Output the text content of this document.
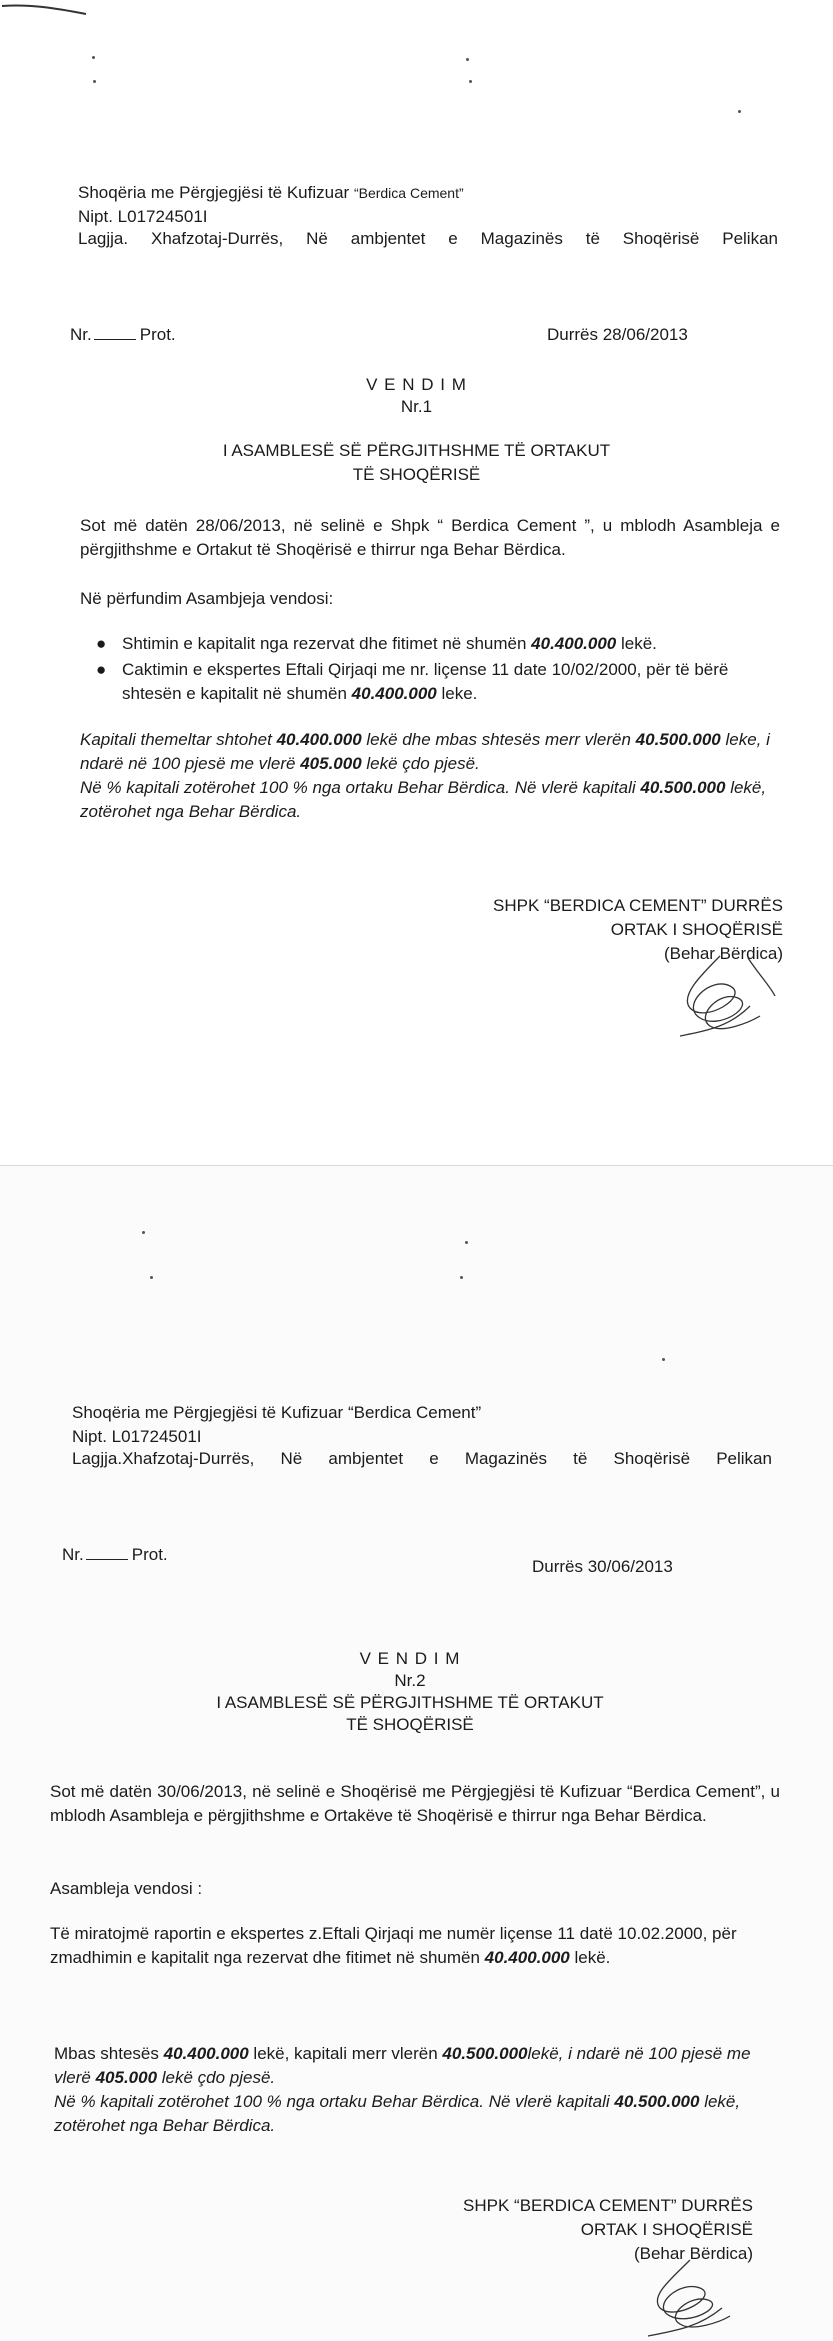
Shoqëria me Përgjegjësi të Kufizuar “Berdica Cement”
Nipt. L01724501I
Lagjja. Xhafzotaj-Durrës, Në ambjentet e Magazinës të Shoqërisë Pelikan
Nr.	Prot.	Durrës 28/06/2013
V E N D I M
Nr.1
I ASAMBLESË SË PËRGJITHSHME TË ORTAKUT
TË SHOQËRISË
Sot më datën 28/06/2013, në selinë e Shpk “ Berdica Cement ”, u mblodh Asambleja e përgjithshme e Ortakut të Shoqërisë e thirrur nga Behar Bërdica.
Në përfundim Asambjeja vendosi:
● Shtimin e kapitalit nga rezervat dhe fitimet në shumën 40.400.000 lekë.
● Caktimin e ekspertes Eftali Qirjaqi me nr. liçense 11 date 10/02/2000, për të bërë shtesën e kapitalit në shumën 40.400.000 leke.
Kapitali themeltar shtohet 40.400.000 lekë dhe mbas shtesës merr vlerën 40.500.000 leke, i ndarë në 100 pjesë me vlerë 405.000 lekë çdo pjesë.
Në % kapitali zotërohet 100 % nga ortaku Behar Bërdica. Në vlerë kapitali 40.500.000 lekë, zotërohet nga Behar Bërdica.
SHPK “BERDICA CEMENT” DURRËS
ORTAK I SHOQËRISË
(Behar Bërdica)
Shoqëria me Përgjegjësi të Kufizuar “Berdica Cement”
Nipt. L01724501I
Lagjja.Xhafzotaj-Durrës, Në ambjentet e Magazinës të Shoqërisë Pelikan
Nr.	Prot.
Durrës 30/06/2013
V E N D I M
Nr.2
I ASAMBLESË SË PËRGJITHSHME TË ORTAKUT
TË SHOQËRISË
Sot më datën 30/06/2013, në selinë e Shoqërisë me Përgjegjësi të Kufizuar “Berdica Cement”, u mblodh Asambleja e përgjithshme e Ortakëve të Shoqërisë e thirrur nga Behar Bërdica.
Asambleja vendosi :
Të miratojmë raportin e ekspertes z.Eftali Qirjaqi me numër liçense 11 datë 10.02.2000, për zmadhimin e kapitalit nga rezervat dhe fitimet në shumën 40.400.000 lekë.
Mbas shtesës 40.400.000 lekë, kapitali merr vlerën 40.500.000lekë, i ndarë në 100 pjesë me vlerë 405.000 lekë çdo pjesë.
Në % kapitali zotërohet 100 % nga ortaku Behar Bërdica. Në vlerë kapitali 40.500.000 lekë, zotërohet nga Behar Bërdica.
SHPK “BERDICA CEMENT” DURRËS
ORTAK I SHOQËRISË
(Behar Bërdica)
